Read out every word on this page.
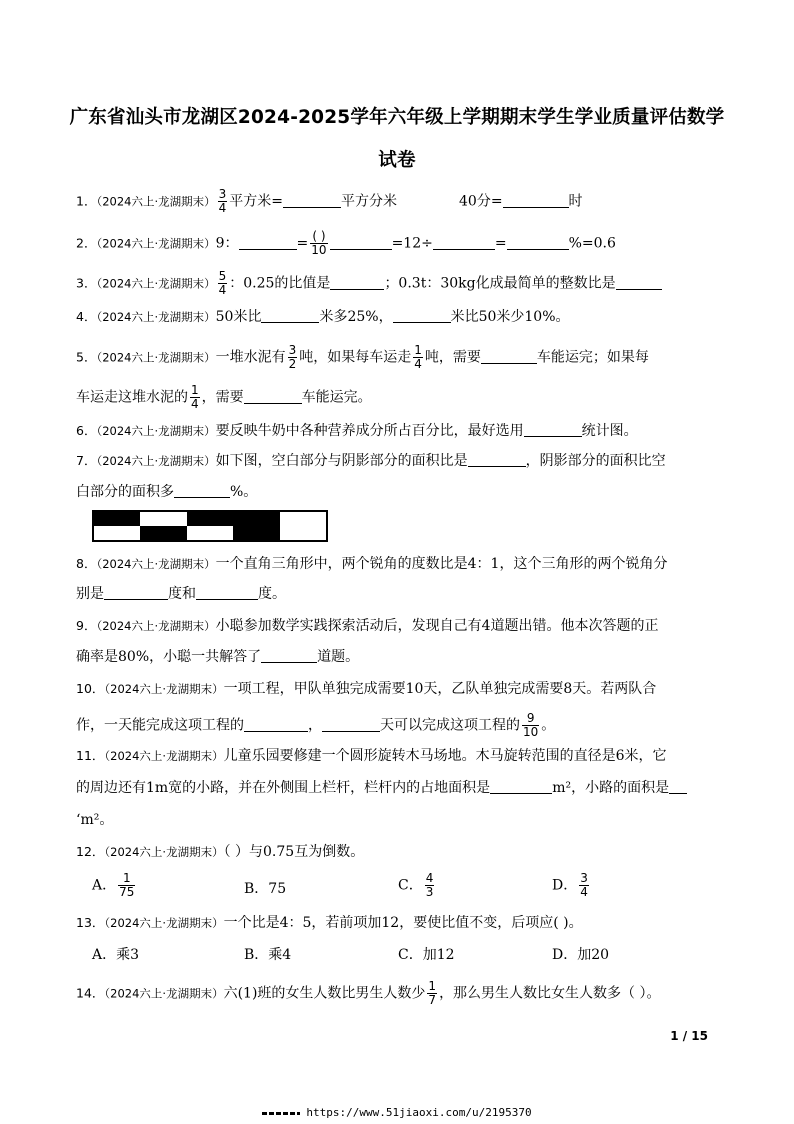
广东省汕头市龙湖区2024-2025学年六年级上学期期末学生学业质量评估数学
试卷
1．（2024六上·龙湖期末） $\frac{3}{4}$ 平方米=	平方分米	40分=	时
2．（2024六上·龙湖期末）9：	= $\frac{( )}{10}$	=12÷	=	%=0.6
3．（2024六上·龙湖期末） $\frac{5}{4}$ ：0.25的比值是	；0.3t：30kg化成最简单的整数比是
4．（2024六上·龙湖期末）50米比	米多25%，	米比50米少10%。
5．（2024六上·龙湖期末）一堆水泥有 $\frac{3}{2}$ 吨，如果每车运走 $\frac{1}{4}$ 吨，需要	车能运完；如果每
车运走这堆水泥的 $\frac{1}{4}$ ，需要	车能运完。
6．（2024六上·龙湖期末）要反映牛奶中各种营养成分所占百分比，最好选用	统计图。
7．（2024六上·龙湖期末）如下图，空白部分与阴影部分的面积比是	，阴影部分的面积比空
白部分的面积多	%。
8．（2024六上·龙湖期末）一个直角三角形中，两个锐角的度数比是4：1，这个三角形的两个锐角分
别是	度和	度。
9．（2024六上·龙湖期末）小聪参加数学实践探索活动后，发现自己有4道题出错。他本次答题的正
确率是80%，小聪一共解答了	道题。
10．（2024六上·龙湖期末）一项工程，甲队单独完成需要10天，乙队单独完成需要8天。若两队合
作，一天能完成这项工程的	，	天可以完成这项工程的 $\frac{9}{10}$ 。
11．（2024六上·龙湖期末）儿童乐园要修建一个圆形旋转木马场地。木马旋转范围的直径是6米，它
的周边还有1m宽的小路，并在外侧围上栏杆，栏杆内的占地面积是	m²，小路的面积是
‘m²。
12．（2024六上·龙湖期末）（ ）与0.75互为倒数。
A． $\frac{1}{75}$	B．75	C． $\frac{4}{3}$	D． $\frac{3}{4}$
13．（2024六上·龙湖期末）一个比是4：5，若前项加12，要使比值不变，后项应( )。
A．乘3	B．乘4	C．加12	D．加20
14．（2024六上·龙湖期末）六(1)班的女生人数比男生人数少 $\frac{1}{7}$ ，那么男生人数比女生人数多（ ）。
1 / 15
https://www.51jiaoxi.com/u/2195370
